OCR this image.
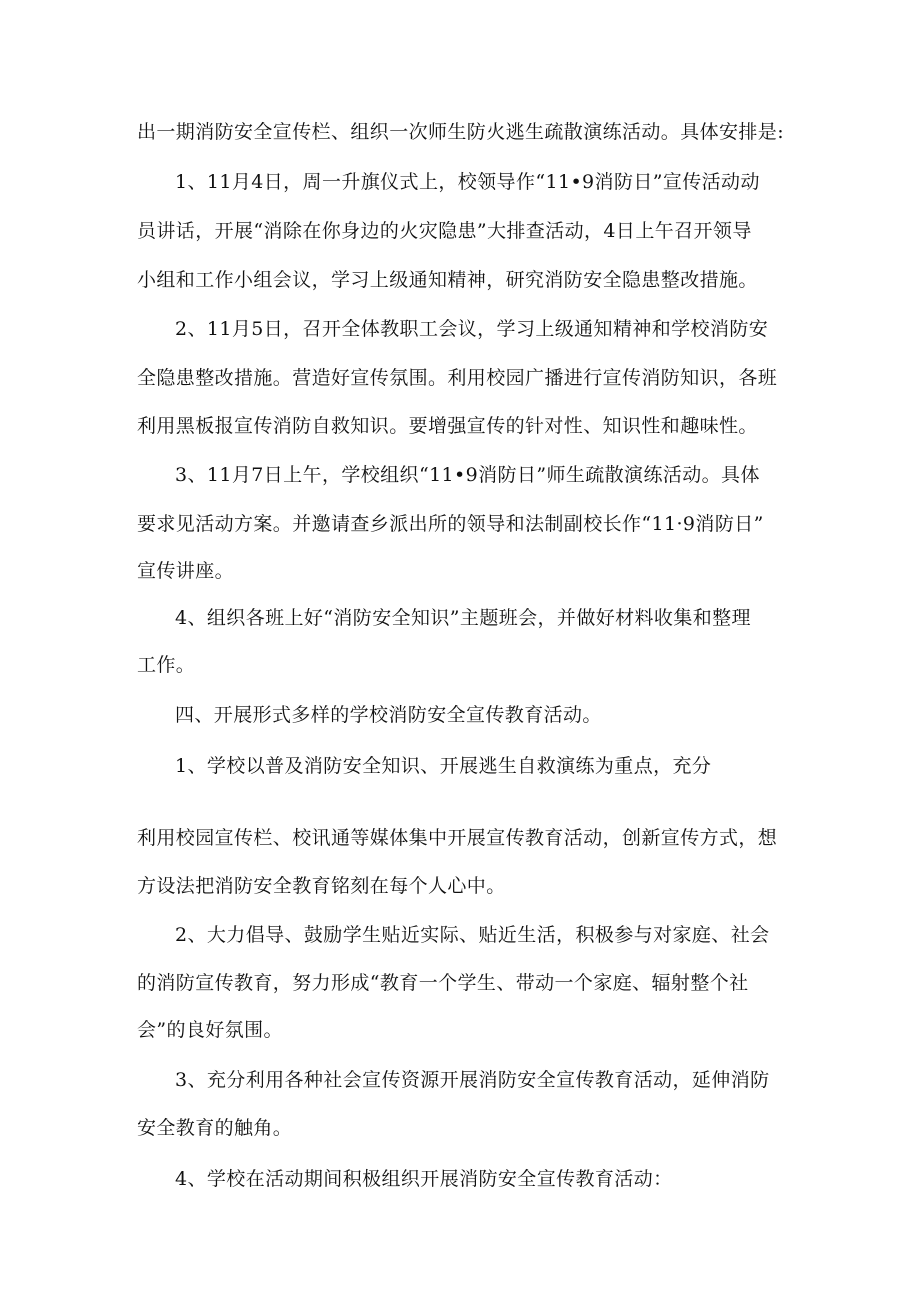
出一期消防安全宣传栏、组织一次师生防火逃生疏散演练活动。具体安排是:
1、11月4日，周一升旗仪式上，校领导作“11•9消防日”宣传活动动
员讲话，开展“消除在你身边的火灾隐患”大排查活动，4日上午召开领导
小组和工作小组会议，学习上级通知精神，研究消防安全隐患整改措施。
2、11月5日，召开全体教职工会议，学习上级通知精神和学校消防安
全隐患整改措施。营造好宣传氛围。利用校园广播进行宣传消防知识，各班
利用黑板报宣传消防自救知识。要增强宣传的针对性、知识性和趣味性。
3、11月7日上午，学校组织“11•9消防日”师生疏散演练活动。具体
要求见活动方案。并邀请查乡派出所的领导和法制副校长作“11·9消防日”
宣传讲座。
4、组织各班上好“消防安全知识”主题班会，并做好材料收集和整理
工作。
四、开展形式多样的学校消防安全宣传教育活动。
1、学校以普及消防安全知识、开展逃生自救演练为重点，充分
利用校园宣传栏、校讯通等媒体集中开展宣传教育活动，创新宣传方式，想
方设法把消防安全教育铭刻在每个人心中。
2、大力倡导、鼓励学生贴近实际、贴近生活，积极参与对家庭、社会
的消防宣传教育，努力形成“教育一个学生、带动一个家庭、辐射整个社
会”的良好氛围。
3、充分利用各种社会宣传资源开展消防安全宣传教育活动，延伸消防
安全教育的触角。
4、学校在活动期间积极组织开展消防安全宣传教育活动：
